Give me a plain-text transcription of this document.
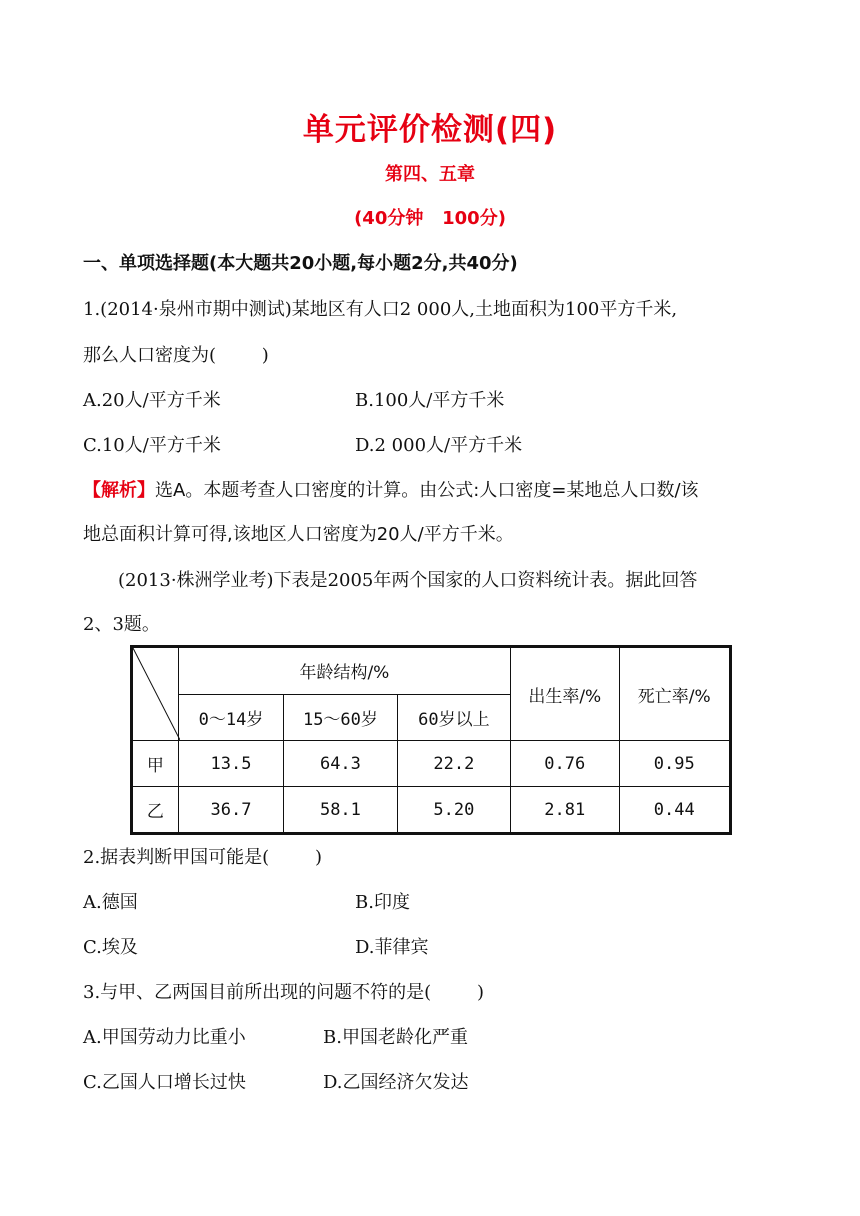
单元评价检测(四)
第四、五章
(40分钟   100分)
一、单项选择题(本大题共20小题,每小题2分,共40分)
1.(2014·泉州市期中测试)某地区有人口2 000人,土地面积为100平方千米,
那么人口密度为(        )
A.20人/平方千米	B.100人/平方千米
C.10人/平方千米	D.2 000人/平方千米
【解析】选A。本题考查人口密度的计算。由公式:人口密度=某地总人口数/该
地总面积计算可得,该地区人口密度为20人/平方千米。
(2013·株洲学业考)下表是2005年两个国家的人口资料统计表。据此回答
2、3题。
	年龄结构/%			出生率/%	死亡率/%
	0～14岁	15～60岁	60岁以上		
甲	13.5	64.3	22.2	0.76	0.95
乙	36.7	58.1	5.20	2.81	0.44
2.据表判断甲国可能是(        )
A.德国	B.印度
C.埃及	D.菲律宾
3.与甲、乙两国目前所出现的问题不符的是(        )
A.甲国劳动力比重小	B.甲国老龄化严重
C.乙国人口增长过快	D.乙国经济欠发达
